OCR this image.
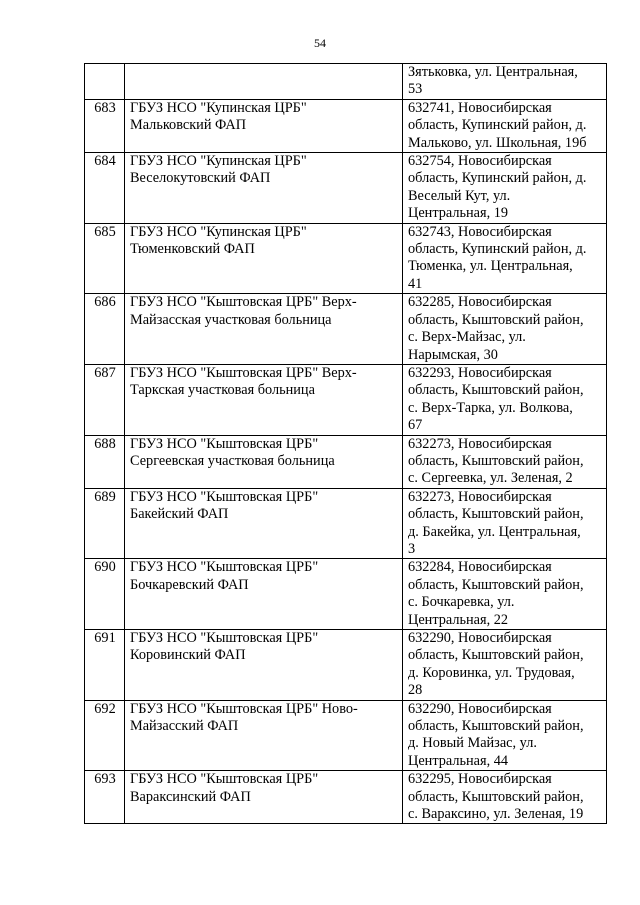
54
		Зятьковка, ул. Центральная,
53
683	ГБУЗ НСО "Купинская ЦРБ"
Мальковский ФАП	632741, Новосибирская
область, Купинский район, д.
Мальково, ул. Школьная, 19б
684	ГБУЗ НСО "Купинская ЦРБ"
Веселокутовский ФАП	632754, Новосибирская
область, Купинский район, д.
Веселый Кут, ул.
Центральная, 19
685	ГБУЗ НСО "Купинская ЦРБ"
Тюменковский ФАП	632743, Новосибирская
область, Купинский район, д.
Тюменка, ул. Центральная,
41
686	ГБУЗ НСО "Кыштовская ЦРБ" Верх-
Майзасская участковая больница	632285, Новосибирская
область, Кыштовский район,
с. Верх-Майзас, ул.
Нарымская, 30
687	ГБУЗ НСО "Кыштовская ЦРБ" Верх-
Таркская участковая больница	632293, Новосибирская
область, Кыштовский район,
с. Верх-Тарка, ул. Волкова,
67
688	ГБУЗ НСО "Кыштовская ЦРБ"
Сергеевская участковая больница	632273, Новосибирская
область, Кыштовский район,
с. Сергеевка, ул. Зеленая, 2
689	ГБУЗ НСО "Кыштовская ЦРБ"
Бакейский ФАП	632273, Новосибирская
область, Кыштовский район,
д. Бакейка, ул. Центральная,
3
690	ГБУЗ НСО "Кыштовская ЦРБ"
Бочкаревский ФАП	632284, Новосибирская
область, Кыштовский район,
с. Бочкаревка, ул.
Центральная, 22
691	ГБУЗ НСО "Кыштовская ЦРБ"
Коровинский ФАП	632290, Новосибирская
область, Кыштовский район,
д. Коровинка, ул. Трудовая,
28
692	ГБУЗ НСО "Кыштовская ЦРБ" Ново-
Майзасский ФАП	632290, Новосибирская
область, Кыштовский район,
д. Новый Майзас, ул.
Центральная, 44
693	ГБУЗ НСО "Кыштовская ЦРБ"
Вараксинский ФАП	632295, Новосибирская
область, Кыштовский район,
с. Вараксино, ул. Зеленая, 19
